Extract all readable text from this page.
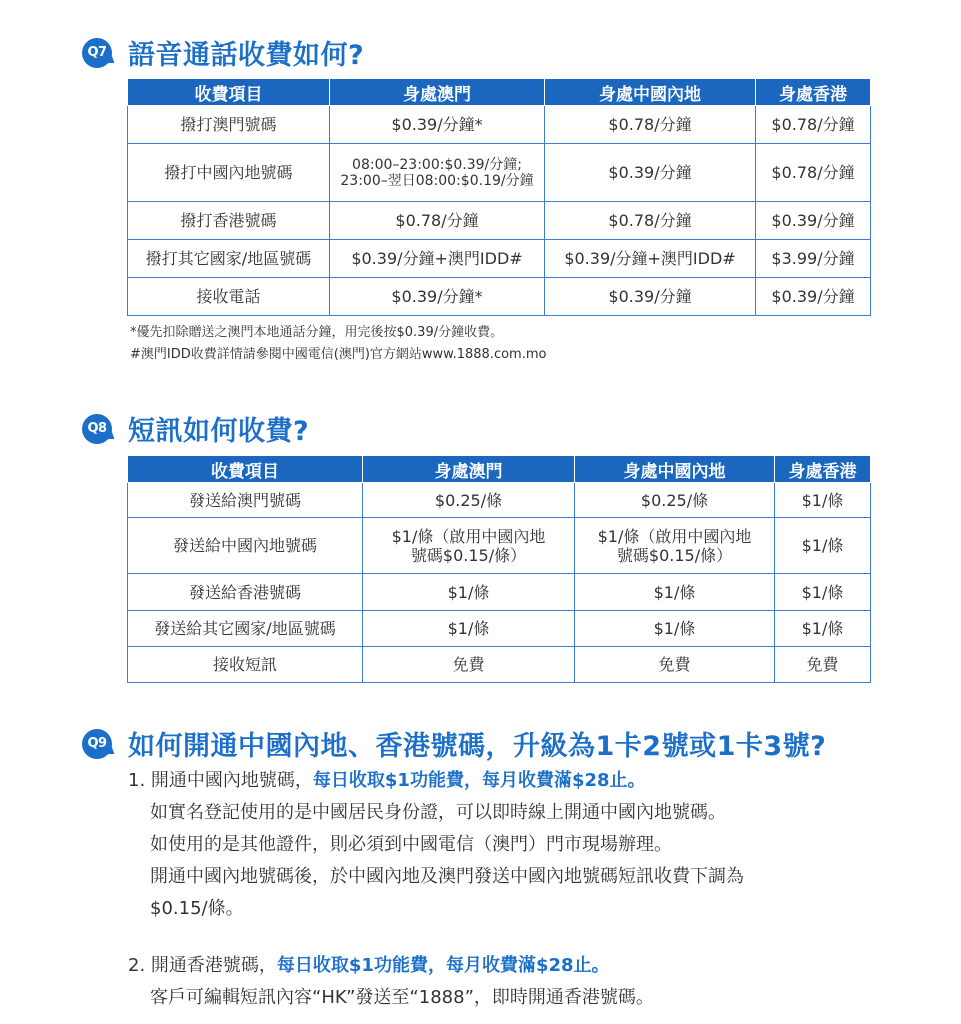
Q7 語音通話收費如何?
收費項目	身處澳門	身處中國內地	身處香港
撥打澳門號碼	$0.39/分鐘*	$0.78/分鐘	$0.78/分鐘
撥打中國內地號碼	08:00–23:00:$0.39/分鐘;
23:00–翌日08:00:$0.19/分鐘	$0.39/分鐘	$0.78/分鐘
撥打香港號碼	$0.78/分鐘	$0.78/分鐘	$0.39/分鐘
撥打其它國家/地區號碼	$0.39/分鐘+澳門IDD#	$0.39/分鐘+澳門IDD#	$3.99/分鐘
接收電話	$0.39/分鐘*	$0.39/分鐘	$0.39/分鐘
*優先扣除贈送之澳門本地通話分鐘，用完後按$0.39/分鐘收費。
#澳門IDD收費詳情請參閱中國電信(澳門)官方網站www.1888.com.mo
Q8 短訊如何收費?
收費項目	身處澳門	身處中國內地	身處香港
發送給澳門號碼	$0.25/條	$0.25/條	$1/條
發送給中國內地號碼	$1/條（啟用中國內地
號碼$0.15/條）	$1/條（啟用中國內地
號碼$0.15/條）	$1/條
發送給香港號碼	$1/條	$1/條	$1/條
發送給其它國家/地區號碼	$1/條	$1/條	$1/條
接收短訊	免費	免費	免費
Q9 如何開通中國內地、香港號碼，升級為1卡2號或1卡3號?
1. 開通中國內地號碼，每日收取$1功能費，每月收費滿$28止。
如實名登記使用的是中國居民身份證，可以即時線上開通中國內地號碼。
如使用的是其他證件，則必須到中國電信（澳門）門市現場辦理。
開通中國內地號碼後，於中國內地及澳門發送中國內地號碼短訊收費下調為
$0.15/條。
2. 開通香港號碼，每日收取$1功能費，每月收費滿$28止。
客戶可編輯短訊內容“HK”發送至“1888”，即時開通香港號碼。
